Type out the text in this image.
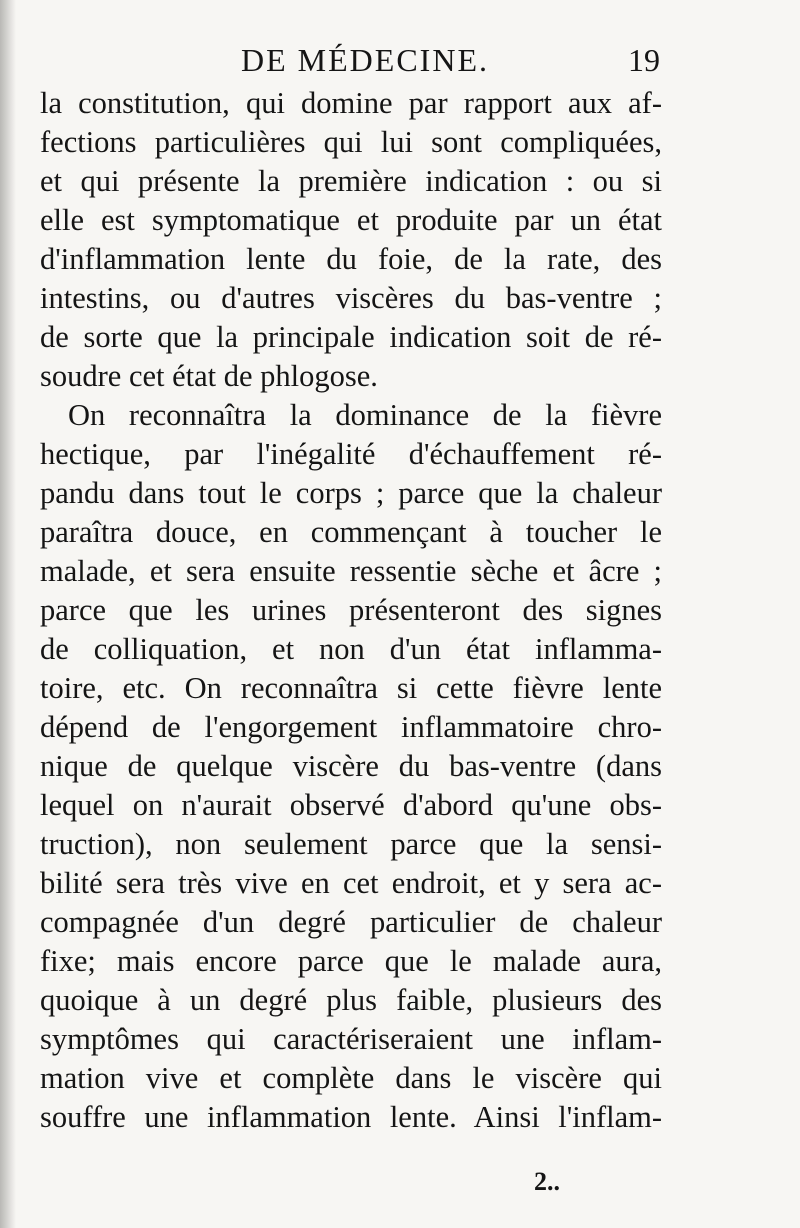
DE MÉDECINE.	19
la constitution, qui domine par rapport aux af-
fections particulières qui lui sont compliquées,
et qui présente la première indication : ou si
elle est symptomatique et produite par un état
d'inflammation lente du foie, de la rate, des
intestins, ou d'autres viscères du bas-ventre ;
de sorte que la principale indication soit de ré-
soudre cet état de phlogose.
On reconnaîtra la dominance de la fièvre
hectique, par l'inégalité d'échauffement ré-
pandu dans tout le corps ; parce que la chaleur
paraîtra douce, en commençant à toucher le
malade, et sera ensuite ressentie sèche et âcre ;
parce que les urines présenteront des signes
de colliquation, et non d'un état inflamma-
toire, etc. On reconnaîtra si cette fièvre lente
dépend de l'engorgement inflammatoire chro-
nique de quelque viscère du bas-ventre (dans
lequel on n'aurait observé d'abord qu'une obs-
truction), non seulement parce que la sensi-
bilité sera très vive en cet endroit, et y sera ac-
compagnée d'un degré particulier de chaleur
fixe; mais encore parce que le malade aura,
quoique à un degré plus faible, plusieurs des
symptômes qui caractériseraient une inflam-
mation vive et complète dans le viscère qui
souffre une inflammation lente. Ainsi l'inflam-
2..
